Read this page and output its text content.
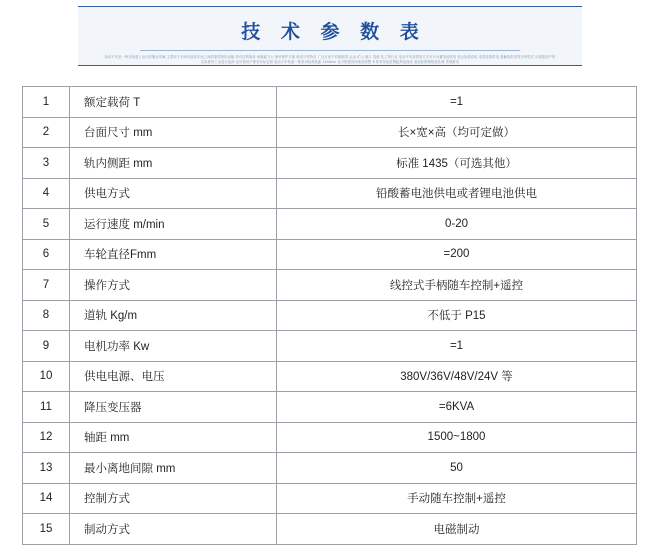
技 术 参 数 表
电动平车是一种在轨道上运行的搬运车辆 主要用于车间内部或车间之间的重型物料运输 具有结构简单 承载能力大 使用维护方便 耗电少等特点 广泛应用于机械制造 冶金 矿山 港口 造船 化工等行业 电动平车按供电方式可分为蓄电池供电 低压轨道供电 电缆卷筒供电 滑触线供电等多种型式 可根据用户的实际使用工况进行选择 也可按用户要求非标定制 电动平车轨道一般采用标准轨距 1435mm 也可根据现场情况调整 车体采用优质钢板焊接而成 表面经除锈喷漆处理 美观耐用
1	额定载荷 T	=1
2	台面尺寸 mm	长×宽×高（均可定做）
3	轨内侧距 mm	标准 1435（可选其他）
4	供电方式	铅酸蓄电池供电或者锂电池供电
5	运行速度 m/min	0-20
6	车轮直径Fmm	=200
7	操作方式	线控式手柄随车控制+遥控
8	道轨 Kg/m	不低于 P15
9	电机功率 Kw	=1
10	供电电源、电压	380V/36V/48V/24V 等
11	降压变压器	=6KVA
12	轴距 mm	1500~1800
13	最小离地间隙 mm	50
14	控制方式	手动随车控制+遥控
15	制动方式	电磁制动
